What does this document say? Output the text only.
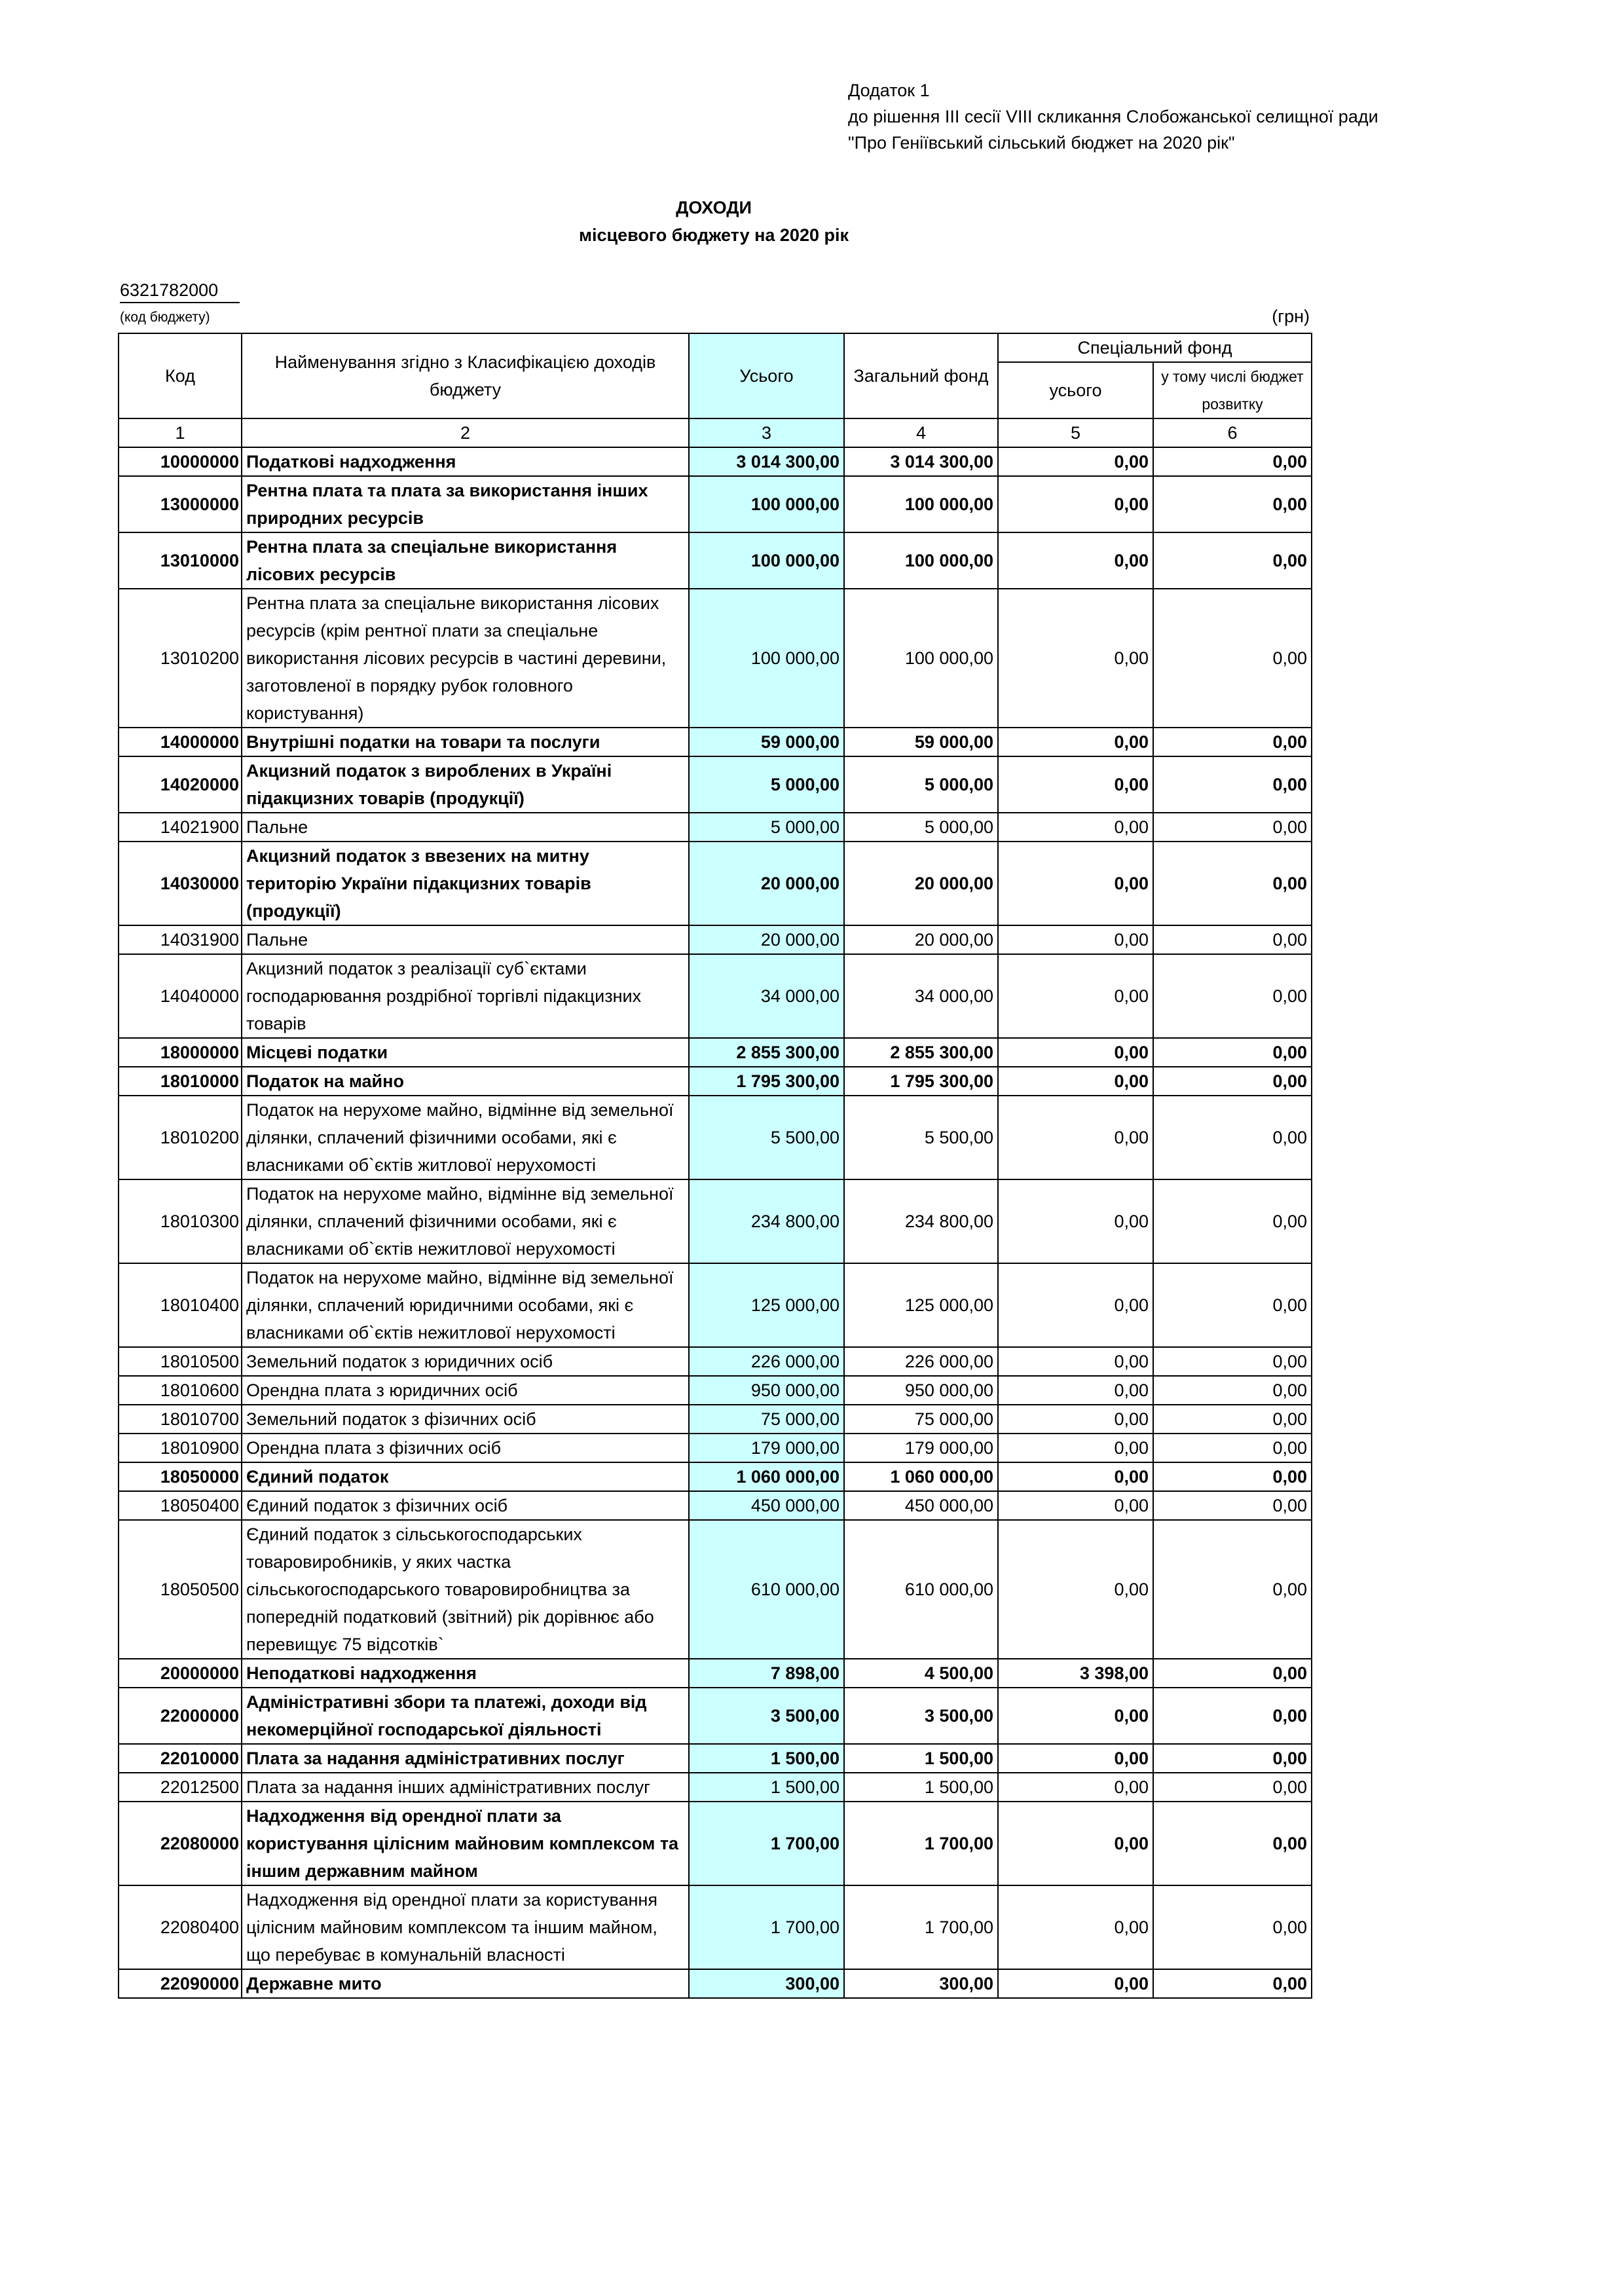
Додаток 1
до рішення ІІІ сесії VIII скликання Слобожанської селищної ради
"Про Геніївський сільський бюджет на 2020 рік"
ДОХОДИ
місцевого бюджету на 2020 рік
6321782000
(код бюджету)	(грн)
Код	Найменування згідно з Класифікацією доходів бюджету	Усього	Загальний фонд	Спеціальний фонд	
				усього	у тому числі бюджет розвитку
1	2	3	4	5	6
10000000	Податкові надходження	3 014 300,00	3 014 300,00	0,00	0,00
13000000	Рентна плата та плата за використання інших природних ресурсів	100 000,00	100 000,00	0,00	0,00
13010000	Рентна плата за спеціальне використання лісових ресурсів	100 000,00	100 000,00	0,00	0,00
13010200	Рентна плата за спеціальне використання лісових ресурсів (крім рентної плати за спеціальне використання лісових ресурсів в частині деревини, заготовленої в порядку рубок головного користування)	100 000,00	100 000,00	0,00	0,00
14000000	Внутрішні податки на товари та послуги	59 000,00	59 000,00	0,00	0,00
14020000	Акцизний податок з вироблених в Україні підакцизних товарів (продукції)	5 000,00	5 000,00	0,00	0,00
14021900	Пальне	5 000,00	5 000,00	0,00	0,00
14030000	Акцизний податок з ввезених на митну територію України підакцизних товарів (продукції)	20 000,00	20 000,00	0,00	0,00
14031900	Пальне	20 000,00	20 000,00	0,00	0,00
14040000	Акцизний податок з реалізації суб`єктами господарювання роздрібної торгівлі підакцизних товарів	34 000,00	34 000,00	0,00	0,00
18000000	Місцеві податки	2 855 300,00	2 855 300,00	0,00	0,00
18010000	Податок на майно	1 795 300,00	1 795 300,00	0,00	0,00
18010200	Податок на нерухоме майно, відмінне від земельної ділянки, сплачений фізичними особами, які є власниками об`єктів житлової нерухомості	5 500,00	5 500,00	0,00	0,00
18010300	Податок на нерухоме майно, відмінне від земельної ділянки, сплачений фізичними особами, які є власниками об`єктів нежитлової нерухомості	234 800,00	234 800,00	0,00	0,00
18010400	Податок на нерухоме майно, відмінне від земельної ділянки, сплачений юридичними особами, які є власниками об`єктів нежитлової нерухомості	125 000,00	125 000,00	0,00	0,00
18010500	Земельний податок з юридичних осіб	226 000,00	226 000,00	0,00	0,00
18010600	Орендна плата з юридичних осіб	950 000,00	950 000,00	0,00	0,00
18010700	Земельний податок з фізичних осіб	75 000,00	75 000,00	0,00	0,00
18010900	Орендна плата з фізичних осіб	179 000,00	179 000,00	0,00	0,00
18050000	Єдиний податок	1 060 000,00	1 060 000,00	0,00	0,00
18050400	Єдиний податок з фізичних осіб	450 000,00	450 000,00	0,00	0,00
18050500	Єдиний податок з сільськогосподарських товаровиробників, у яких частка сільськогосподарського товаровиробництва за попередній податковий (звітний) рік дорівнює або перевищує 75 відсотків`	610 000,00	610 000,00	0,00	0,00
20000000	Неподаткові надходження	7 898,00	4 500,00	3 398,00	0,00
22000000	Адміністративні збори та платежі, доходи від некомерційної господарської діяльності	3 500,00	3 500,00	0,00	0,00
22010000	Плата за надання адміністративних послуг	1 500,00	1 500,00	0,00	0,00
22012500	Плата за надання інших адміністративних послуг	1 500,00	1 500,00	0,00	0,00
22080000	Надходження від орендної плати за користування цілісним майновим комплексом та іншим державним майном	1 700,00	1 700,00	0,00	0,00
22080400	Надходження від орендної плати за користування цілісним майновим комплексом та іншим майном, що перебуває в комунальній власності	1 700,00	1 700,00	0,00	0,00
22090000	Державне мито	300,00	300,00	0,00	0,00
